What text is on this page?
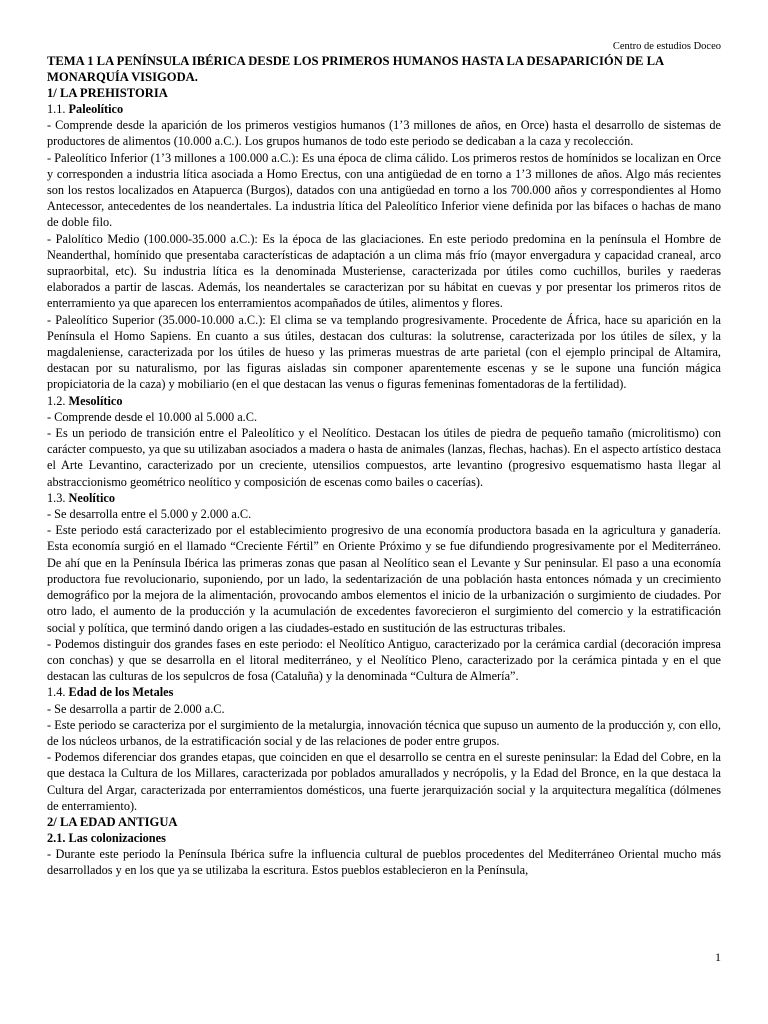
Centro de estudios Doceo
TEMA 1 LA PENÍNSULA IBÉRICA DESDE LOS PRIMEROS HUMANOS HASTA LA DESAPARICIÓN DE LA MONARQUÍA VISIGODA.
1/ LA PREHISTORIA
1.1. Paleolítico

- Comprende desde la aparición de los primeros vestigios humanos (1’3 millones de años, en Orce) hasta el desarrollo de sistemas de productores de alimentos (10.000 a.C.). Los grupos humanos de todo este periodo se dedicaban a la caza y recolección.

- Paleolítico Inferior (1’3 millones a 100.000 a.C.): Es una época de clima cálido. Los primeros restos de homínidos se localizan en Orce y corresponden a industria lítica asociada a Homo Erectus, con una antigüedad de en torno a 1’3 millones de años. Algo más recientes son los restos localizados en Atapuerca (Burgos), datados con una antigüedad en torno a los 700.000 años y correspondientes al Homo Antecessor, antecedentes de los neandertales. La industria lítica del Paleolítico Inferior viene definida por las bifaces o hachas de mano de doble filo.

- Palolítico Medio (100.000-35.000 a.C.): Es la época de las glaciaciones. En este periodo predomina en la península el Hombre de Neanderthal, homínido que presentaba características de adaptación a un clima más frío (mayor envergadura y capacidad craneal, arco supraorbital, etc). Su industria lítica es la denominada Musteriense, caracterizada por útiles como cuchillos, buriles y raederas elaborados a partir de lascas. Además, los neandertales se caracterizan por su hábitat en cuevas y por presentar los primeros ritos de enterramiento ya que aparecen los enterramientos acompañados de útiles, alimentos y flores.

- Paleolítico Superior (35.000-10.000 a.C.): El clima se va templando progresivamente. Procedente de África, hace su aparición en la Península el Homo Sapiens. En cuanto a sus útiles, destacan dos culturas: la solutrense, caracterizada por los útiles de sílex, y la magdaleniense, caracterizada por los útiles de hueso y las primeras muestras de arte parietal (con el ejemplo principal de Altamira, destacan por su naturalismo, por las figuras aisladas sin componer aparentemente escenas y se le supone una función mágica propiciatoria de la caza) y mobiliario (en el que destacan las venus o figuras femeninas fomentadoras de la fertilidad).

1.2. Mesolítico

- Comprende desde el 10.000 al 5.000 a.C.

- Es un periodo de transición entre el Paleolítico y el Neolítico. Destacan los útiles de piedra de pequeño tamaño (microlitismo) con carácter compuesto, ya que su utilizaban asociados a madera o hasta de animales (lanzas, flechas, hachas). En el aspecto artístico destaca el Arte Levantino, caracterizado por un creciente, utensilios compuestos, arte levantino (progresivo esquematismo hasta llegar al abstraccionismo geométrico neolítico y composición de escenas como bailes o cacerías).

1.3. Neolítico

- Se desarrolla entre el 5.000 y 2.000 a.C.

- Este periodo está caracterizado por el establecimiento progresivo de una economía productora basada en la agricultura y ganadería. Esta economía surgió en el llamado “Creciente Fértil” en Oriente Próximo y se fue difundiendo progresivamente por el Mediterráneo. De ahí que en la Península Ibérica las primeras zonas que pasan al Neolítico sean el Levante y Sur peninsular. El paso a una economía productora fue revolucionario, suponiendo, por un lado, la sedentarización de una población hasta entonces nómada y un crecimiento demográfico por la mejora de la alimentación, provocando ambos elementos el inicio de la urbanización o surgimiento de ciudades. Por otro lado, el aumento de la producción y la acumulación de excedentes favorecieron el surgimiento del comercio y la estratificación social y política, que terminó dando origen a las ciudades-estado en sustitución de las estructuras tribales.

- Podemos distinguir dos grandes fases en este periodo: el Neolítico Antiguo, caracterizado por la cerámica cardial (decoración impresa con conchas) y que se desarrolla en el litoral mediterráneo, y el Neolítico Pleno, caracterizado por la cerámica pintada y en el que destacan las culturas de los sepulcros de fosa (Cataluña) y la denominada “Cultura de Almería”.

1.4. Edad de los Metales

- Se desarrolla a partir de 2.000 a.C.

- Este periodo se caracteriza por el surgimiento de la metalurgia, innovación técnica que supuso un aumento de la producción y, con ello, de los núcleos urbanos, de la estratificación social y de las relaciones de poder entre grupos.

- Podemos diferenciar dos grandes etapas, que coinciden en que el desarrollo se centra en el sureste peninsular: la Edad del Cobre, en la que destaca la Cultura de los Millares, caracterizada por poblados amurallados y necrópolis, y la Edad del Bronce, en la que destaca la Cultura del Argar, caracterizada por enterramientos domésticos, una fuerte jerarquización social y la arquitectura megalítica (dólmenes de enterramiento).

2/ LA EDAD ANTIGUA
2.1. Las colonizaciones

- Durante este periodo la Península Ibérica sufre la influencia cultural de pueblos procedentes del Mediterráneo Oriental mucho más desarrollados y en los que ya se utilizaba la escritura. Estos pueblos establecieron en la Península,

1
